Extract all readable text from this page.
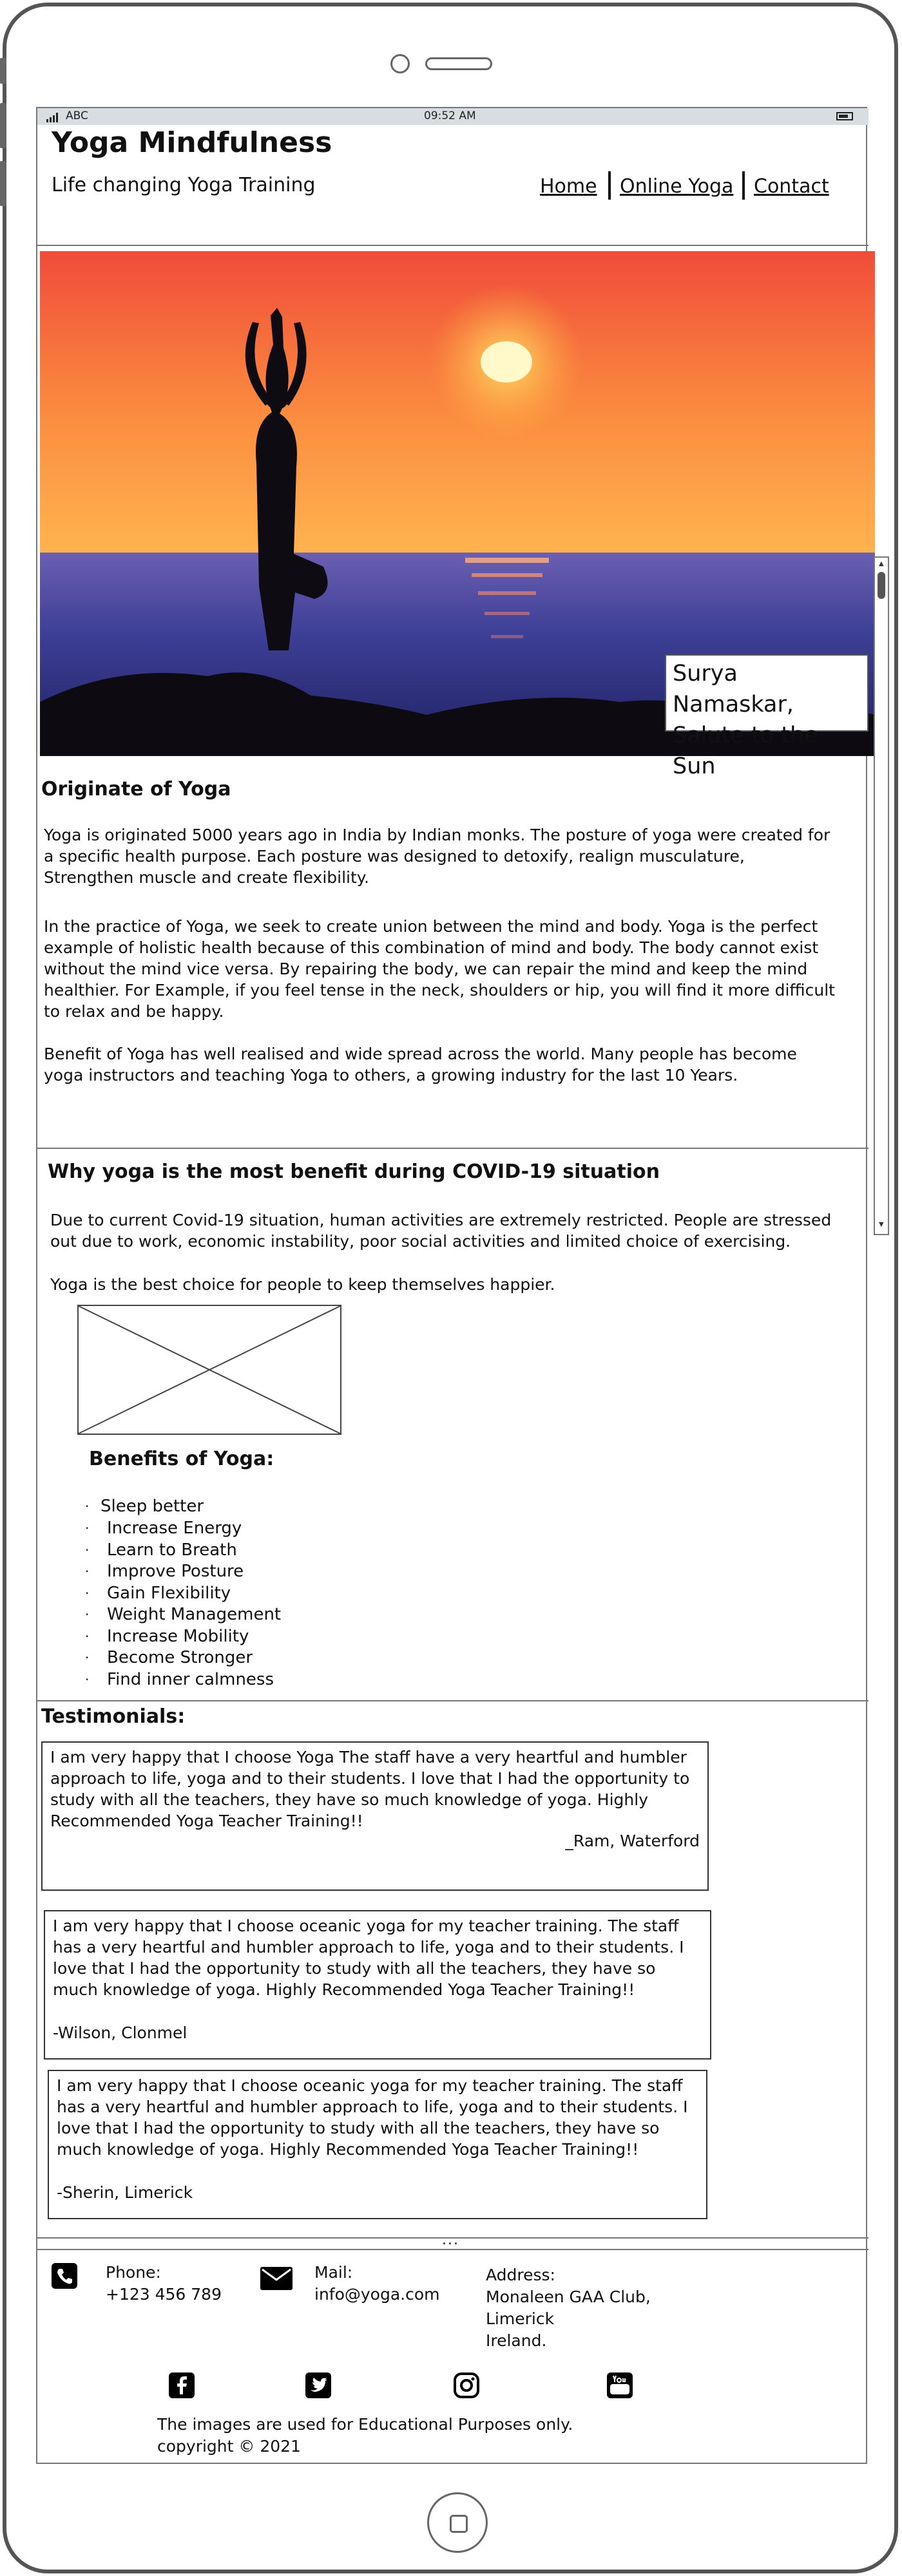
ABC	09:52 AM
Yoga Mindfulness
Life changing Yoga Training	Home Online Yoga Contact
Surya Namaskar,
Salute to the Sun
Originate of Yoga
Yoga is originated 5000 years ago in India by Indian monks. The posture of yoga were created for a specific health purpose. Each posture was designed to detoxify, realign musculature, Strengthen muscle and create flexibility.
In the practice of Yoga, we seek to create union between the mind and body. Yoga is the perfect example of holistic health because of this combination of mind and body. The body cannot exist without the mind vice versa. By repairing the body, we can repair the mind and keep the mind healthier. For Example, if you feel tense in the neck, shoulders or hip, you will find it more difficult to relax and be happy.
Benefit of Yoga has well realised and wide spread across the world. Many people has become yoga instructors and teaching Yoga to others, a growing industry for the last 10 Years.
Why yoga is the most benefit during COVID-19 situation
Due to current Covid-19 situation, human activities are extremely restricted. People are stressed out due to work, economic instability, poor social activities and limited choice of exercising.
Yoga is the best choice for people to keep themselves happier.
Benefits of Yoga:
· Sleep better
· Increase Energy
· Learn to Breath
· Improve Posture
· Gain Flexibility
· Weight Management
· Increase Mobility
· Become Stronger
· Find inner calmness
Testimonials:
I am very happy that I choose Yoga The staff have a very heartful and humbler approach to life, yoga and to their students. I love that I had the opportunity to study with all the teachers, they have so much knowledge of yoga. Highly Recommended Yoga Teacher Training!!
_Ram, Waterford
I am very happy that I choose oceanic yoga for my teacher training. The staff has a very heartful and humbler approach to life, yoga and to their students. I love that I had the opportunity to study with all the teachers, they have so much knowledge of yoga. Highly Recommended Yoga Teacher Training!!
-Wilson, Clonmel
I am very happy that I choose oceanic yoga for my teacher training. The staff has a very heartful and humbler approach to life, yoga and to their students. I love that I had the opportunity to study with all the teachers, they have so much knowledge of yoga. Highly Recommended Yoga Teacher Training!!
-Sherin, Limerick
...
Phone:
+123 456 789
Mail:
info@yoga.com
Address:
Monaleen GAA Club,
Limerick
Ireland.
The images are used for Educational Purposes only.
copyright © 2021
▲
▼
